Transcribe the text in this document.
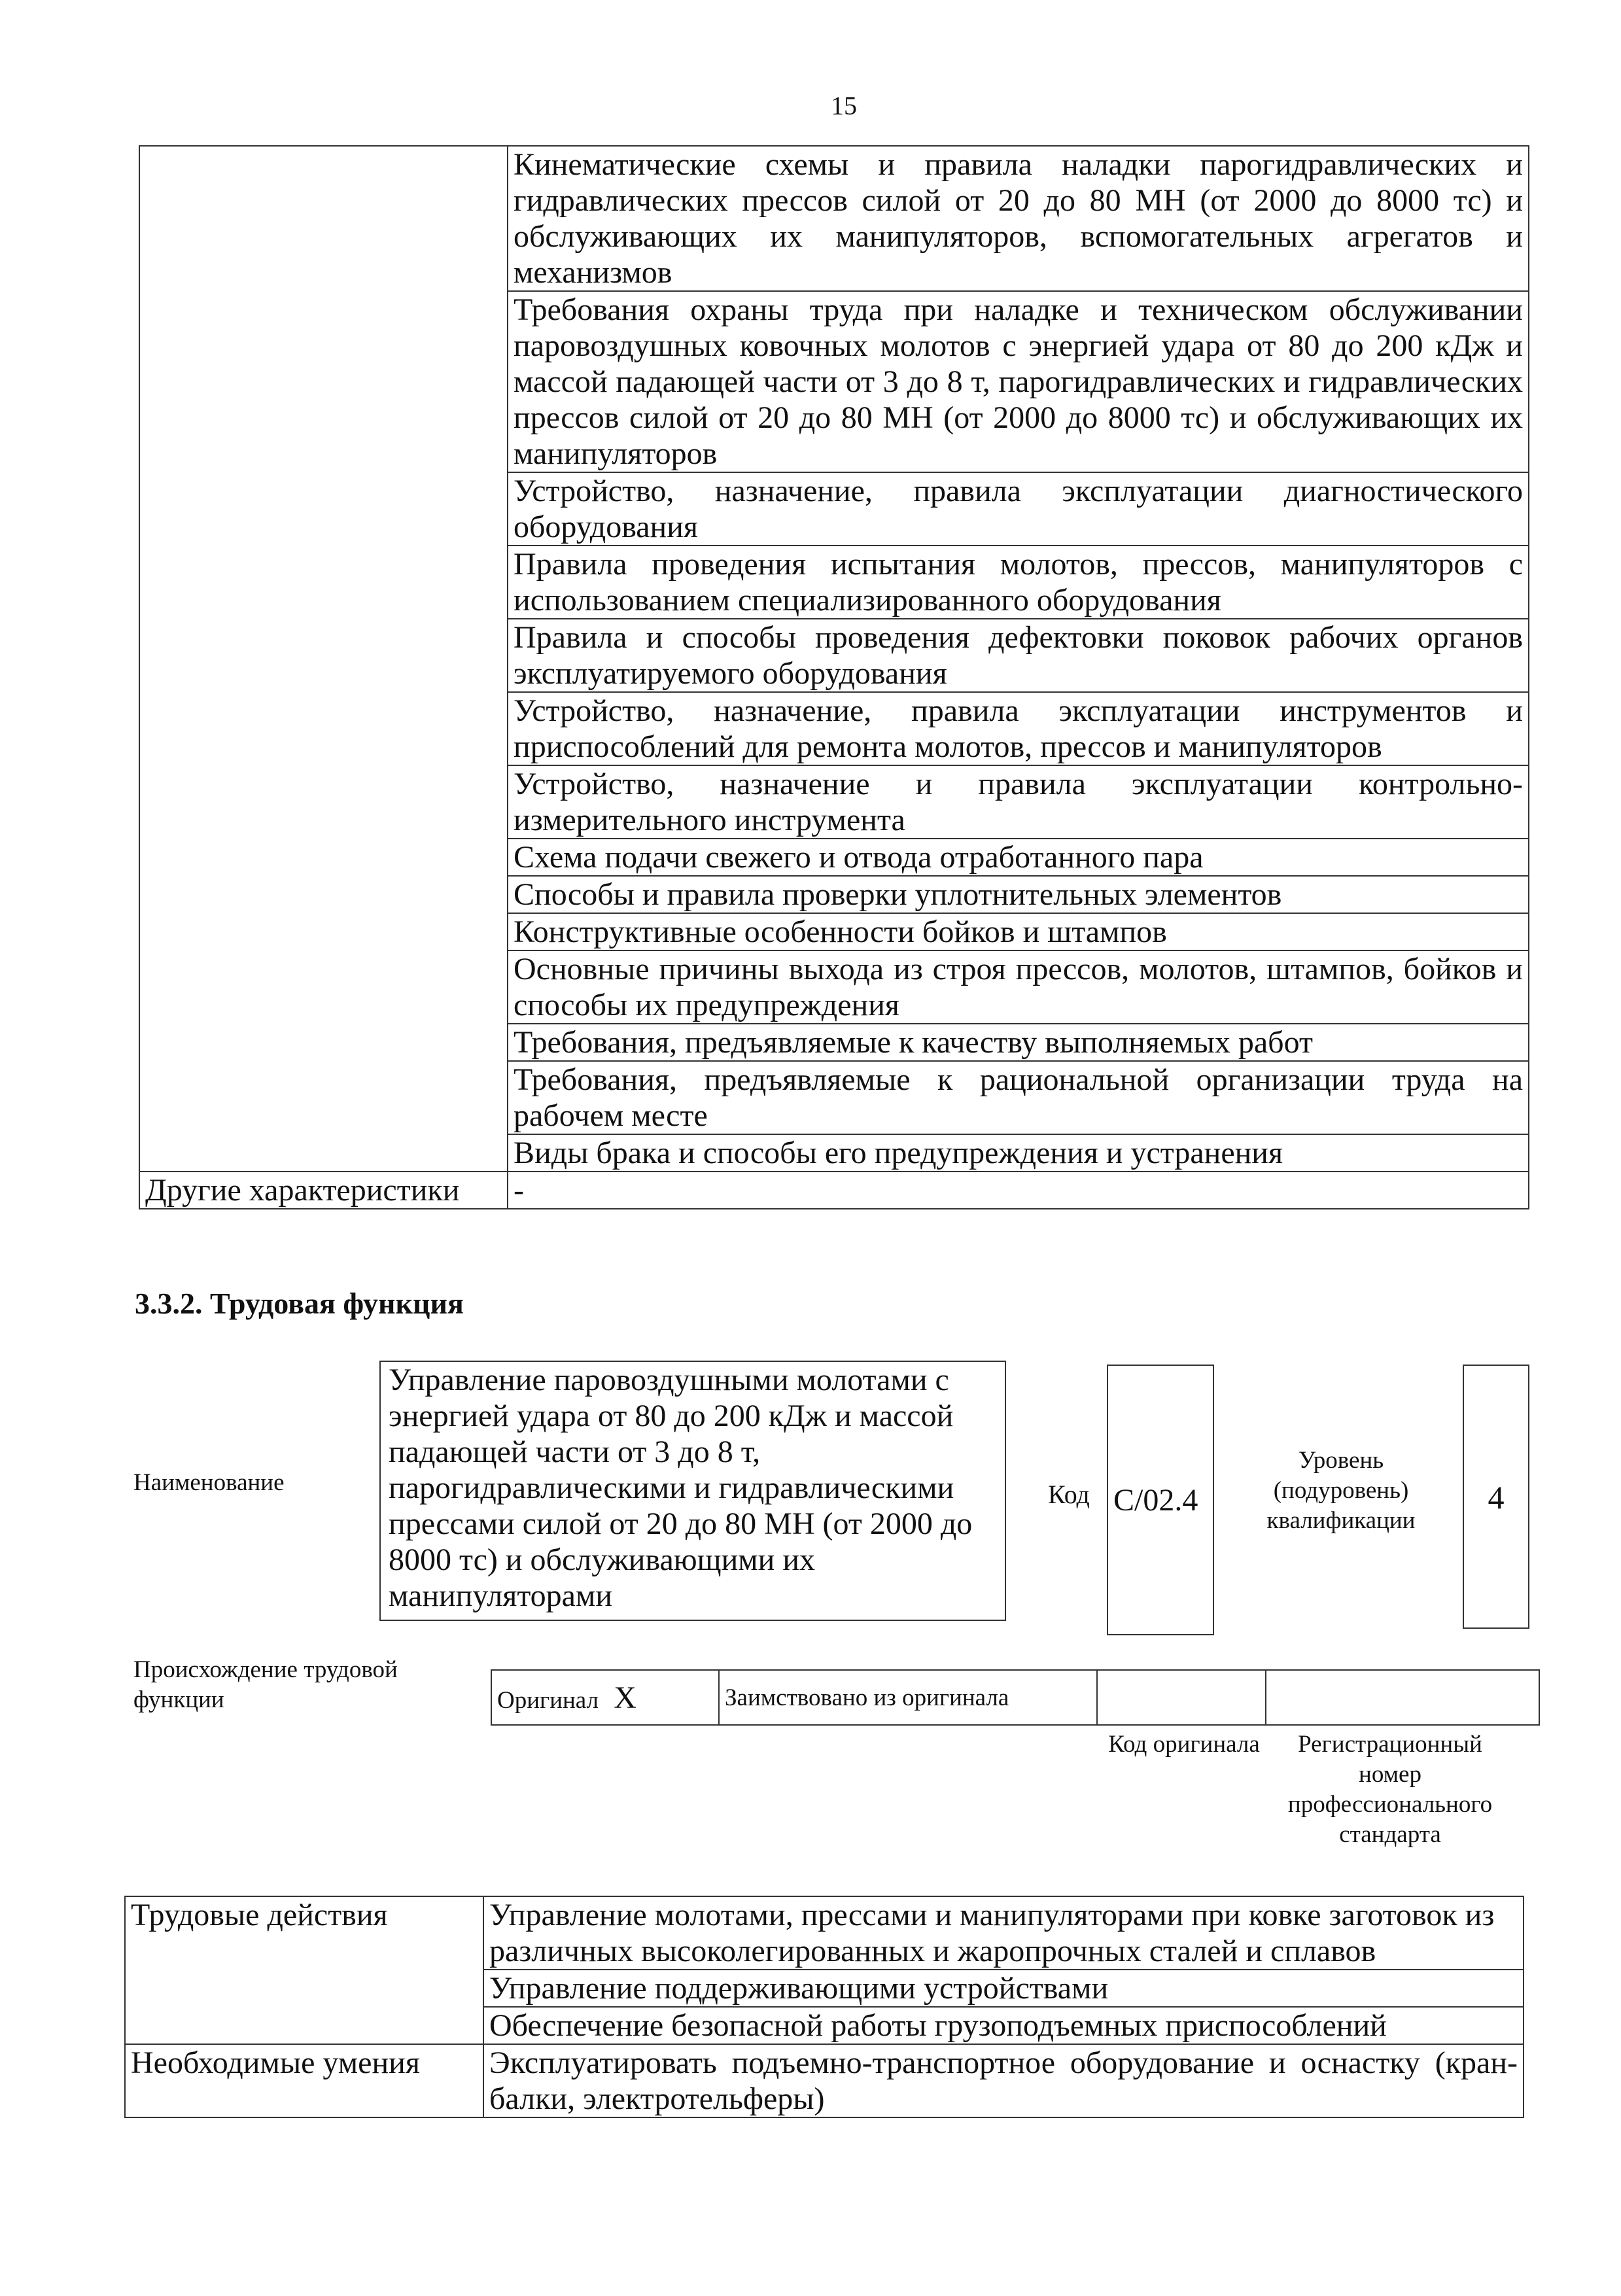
15
	Кинематические схемы и правила наладки парогидравлических и гидравлических прессов силой от 20 до 80 МН (от 2000 до 8000 тс) и обслуживающих их манипуляторов, вспомогательных агрегатов и механизмов
	Требования охраны труда при наладке и техническом обслуживании паровоздушных ковочных молотов с энергией удара от 80 до 200 кДж и массой падающей части от 3 до 8 т, парогидравлических и гидравлических прессов силой от 20 до 80 МН (от 2000 до 8000 тс) и обслуживающих их манипуляторов
	Устройство, назначение, правила эксплуатации диагностического оборудования
	Правила проведения испытания молотов, прессов, манипуляторов с использованием специализированного оборудования
	Правила и способы проведения дефектовки поковок рабочих органов эксплуатируемого оборудования
	Устройство, назначение, правила эксплуатации инструментов и приспособлений для ремонта молотов, прессов и манипуляторов
	Устройство, назначение и правила эксплуатации контрольно-измерительного инструмента
	Схема подачи свежего и отвода отработанного пара
	Способы и правила проверки уплотнительных элементов
	Конструктивные особенности бойков и штампов
	Основные причины выхода из строя прессов, молотов, штампов, бойков и способы их предупреждения
	Требования, предъявляемые к качеству выполняемых работ
	Требования, предъявляемые к рациональной организации труда на рабочем месте
	Виды брака и способы его предупреждения и устранения
Другие характеристики	-
3.3.2. Трудовая функция
Наименование
Управление паровоздушными молотами с энергией удара от 80 до 200 кДж и массой падающей части от 3 до 8 т, парогидравлическими и гидравлическими прессами силой от 20 до 80 МН (от 2000 до 8000 тс) и обслуживающими их манипуляторами
Код C/02.4
Уровень (подуровень) квалификации
4
Происхождение трудовой функции	Оригинал X	Заимствовано из оригинала		
Код оригинала	Регистрационный номер профессионального стандарта
Трудовые действия	Управление молотами, прессами и манипуляторами при ковке заготовок из различных высоколегированных и жаропрочных сталей и сплавов
	Управление поддерживающими устройствами
	Обеспечение безопасной работы грузоподъемных приспособлений
Необходимые умения	Эксплуатировать подъемно-транспортное оборудование и оснастку (кран-балки, электротельферы)
